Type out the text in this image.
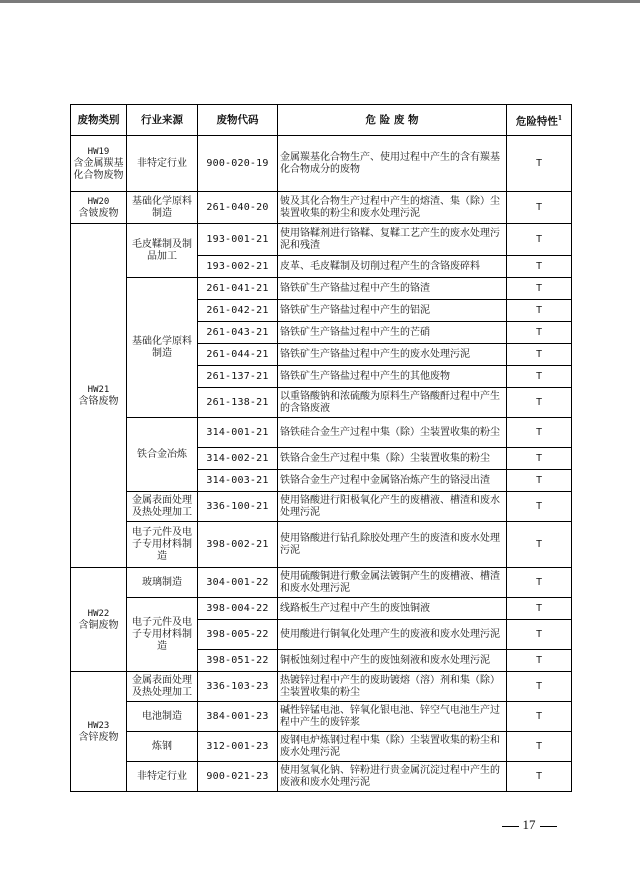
废物类别	行业来源	废物代码	危 险 废 物	危险特性$^1$

HW19
含金属羰基化合物废物	非特定行业	900-020-19	金属羰基化合物生产、使用过程中产生的含有羰基化合物成分的废物	T

HW20
含铍废物	基础化学原料制造	261-040-20	铍及其化合物生产过程中产生的熔渣、集（除）尘装置收集的粉尘和废水处理污泥	T

HW21
含铬废物	毛皮鞣制及制品加工	193-001-21	使用铬鞣剂进行铬鞣、复鞣工艺产生的废水处理污泥和残渣	T
		193-002-21	皮革、毛皮鞣制及切削过程产生的含铬废碎料	T
	基础化学原料制造	261-041-21	铬铁矿生产铬盐过程中产生的铬渣	T
		261-042-21	铬铁矿生产铬盐过程中产生的铝泥	T
		261-043-21	铬铁矿生产铬盐过程中产生的芒硝	T
		261-044-21	铬铁矿生产铬盐过程中产生的废水处理污泥	T
		261-137-21	铬铁矿生产铬盐过程中产生的其他废物	T
		261-138-21	以重铬酸钠和浓硫酸为原料生产铬酸酐过程中产生的含铬废液	T
	铁合金冶炼	314-001-21	铬铁硅合金生产过程中集（除）尘装置收集的粉尘	T
		314-002-21	铁铬合金生产过程中集（除）尘装置收集的粉尘	T
		314-003-21	铁铬合金生产过程中金属铬冶炼产生的铬浸出渣	T
	金属表面处理及热处理加工	336-100-21	使用铬酸进行阳极氧化产生的废槽液、槽渣和废水处理污泥	T
	电子元件及电子专用材料制造	398-002-21	使用铬酸进行钻孔除胶处理产生的废渣和废水处理污泥	T

HW22
含铜废物	玻璃制造	304-001-22	使用硫酸铜进行敷金属法镀铜产生的废槽液、槽渣和废水处理污泥	T
	电子元件及电子专用材料制造	398-004-22	线路板生产过程中产生的废蚀铜液	T
		398-005-22	使用酸进行铜氧化处理产生的废液和废水处理污泥	T
		398-051-22	铜板蚀刻过程中产生的废蚀刻液和废水处理污泥	T

HW23
含锌废物	金属表面处理及热处理加工	336-103-23	热镀锌过程中产生的废助镀熔（溶）剂和集（除）尘装置收集的粉尘	T
	电池制造	384-001-23	碱性锌锰电池、锌氧化银电池、锌空气电池生产过程中产生的废锌浆	T
	炼钢	312-001-23	废钢电炉炼钢过程中集（除）尘装置收集的粉尘和废水处理污泥	T
	非特定行业	900-021-23	使用氢氧化钠、锌粉进行贵金属沉淀过程中产生的废液和废水处理污泥	T
17
